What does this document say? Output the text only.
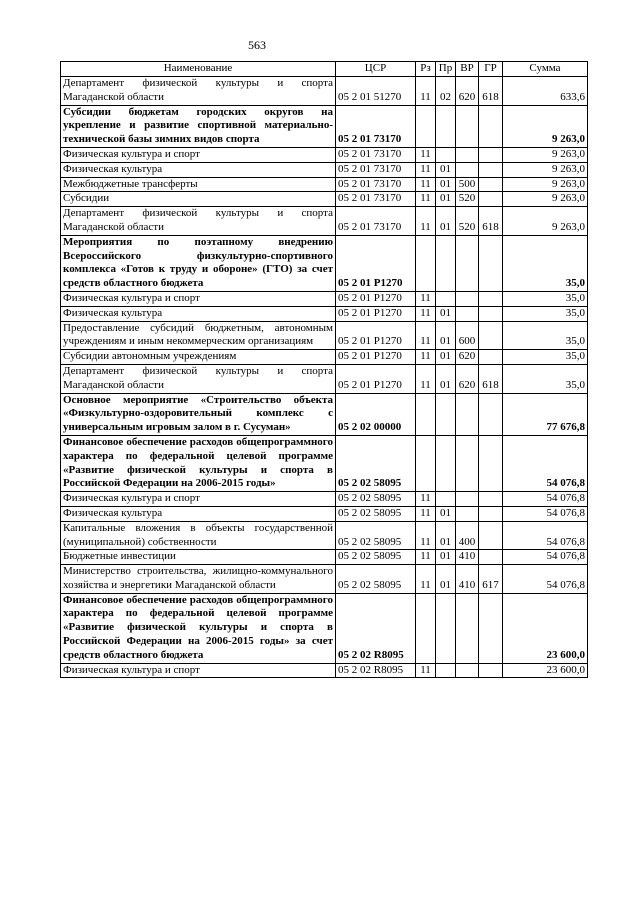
563
Наименование	ЦСР	Рз	Пр	ВР	ГР	Сумма
Департамент физической культуры и спорта Магаданской области	05 2 01 51270	11	02	620	618	633,6
Субсидии бюджетам городских округов на укрепление и развитие спортивной материально-технической базы зимних видов спорта	05 2 01 73170					9 263,0
Физическая культура и спорт	05 2 01 73170	11				9 263,0
Физическая культура	05 2 01 73170	11	01			9 263,0
Межбюджетные трансферты	05 2 01 73170	11	01	500		9 263,0
Субсидии	05 2 01 73170	11	01	520		9 263,0
Департамент физической культуры и спорта Магаданской области	05 2 01 73170	11	01	520	618	9 263,0
Мероприятия по поэтапному внедрению Всероссийского физкультурно-спортивного комплекса «Готов к труду и обороне» (ГТО) за счет средств областного бюджета	05 2 01 Р1270					35,0
Физическая культура и спорт	05 2 01 Р1270	11				35,0
Физическая культура	05 2 01 Р1270	11	01			35,0
Предоставление субсидий бюджетным, автономным учреждениям и иным некоммерческим организациям	05 2 01 Р1270	11	01	600		35,0
Субсидии автономным учреждениям	05 2 01 Р1270	11	01	620		35,0
Департамент физической культуры и спорта Магаданской области	05 2 01 Р1270	11	01	620	618	35,0
Основное мероприятие «Строительство объекта «Физкультурно-оздоровительный комплекс с универсальным игровым залом в г. Сусуман»	05 2 02 00000					77 676,8
Финансовое обеспечение расходов общепрограммного характера по федеральной целевой программе «Развитие физической культуры и спорта в Российской Федерации на 2006-2015 годы»	05 2 02 58095					54 076,8
Физическая культура и спорт	05 2 02 58095	11				54 076,8
Физическая культура	05 2 02 58095	11	01			54 076,8
Капитальные вложения в объекты государственной (муниципальной) собственности	05 2 02 58095	11	01	400		54 076,8
Бюджетные инвестиции	05 2 02 58095	11	01	410		54 076,8
Министерство строительства, жилищно-коммунального хозяйства и энергетики Магаданской области	05 2 02 58095	11	01	410	617	54 076,8
Финансовое обеспечение расходов общепрограммного характера по федеральной целевой программе «Развитие физической культуры и спорта в Российской Федерации на 2006-2015 годы» за счет средств областного бюджета	05 2 02 R8095					23 600,0
Физическая культура и спорт	05 2 02 R8095	11				23 600,0
